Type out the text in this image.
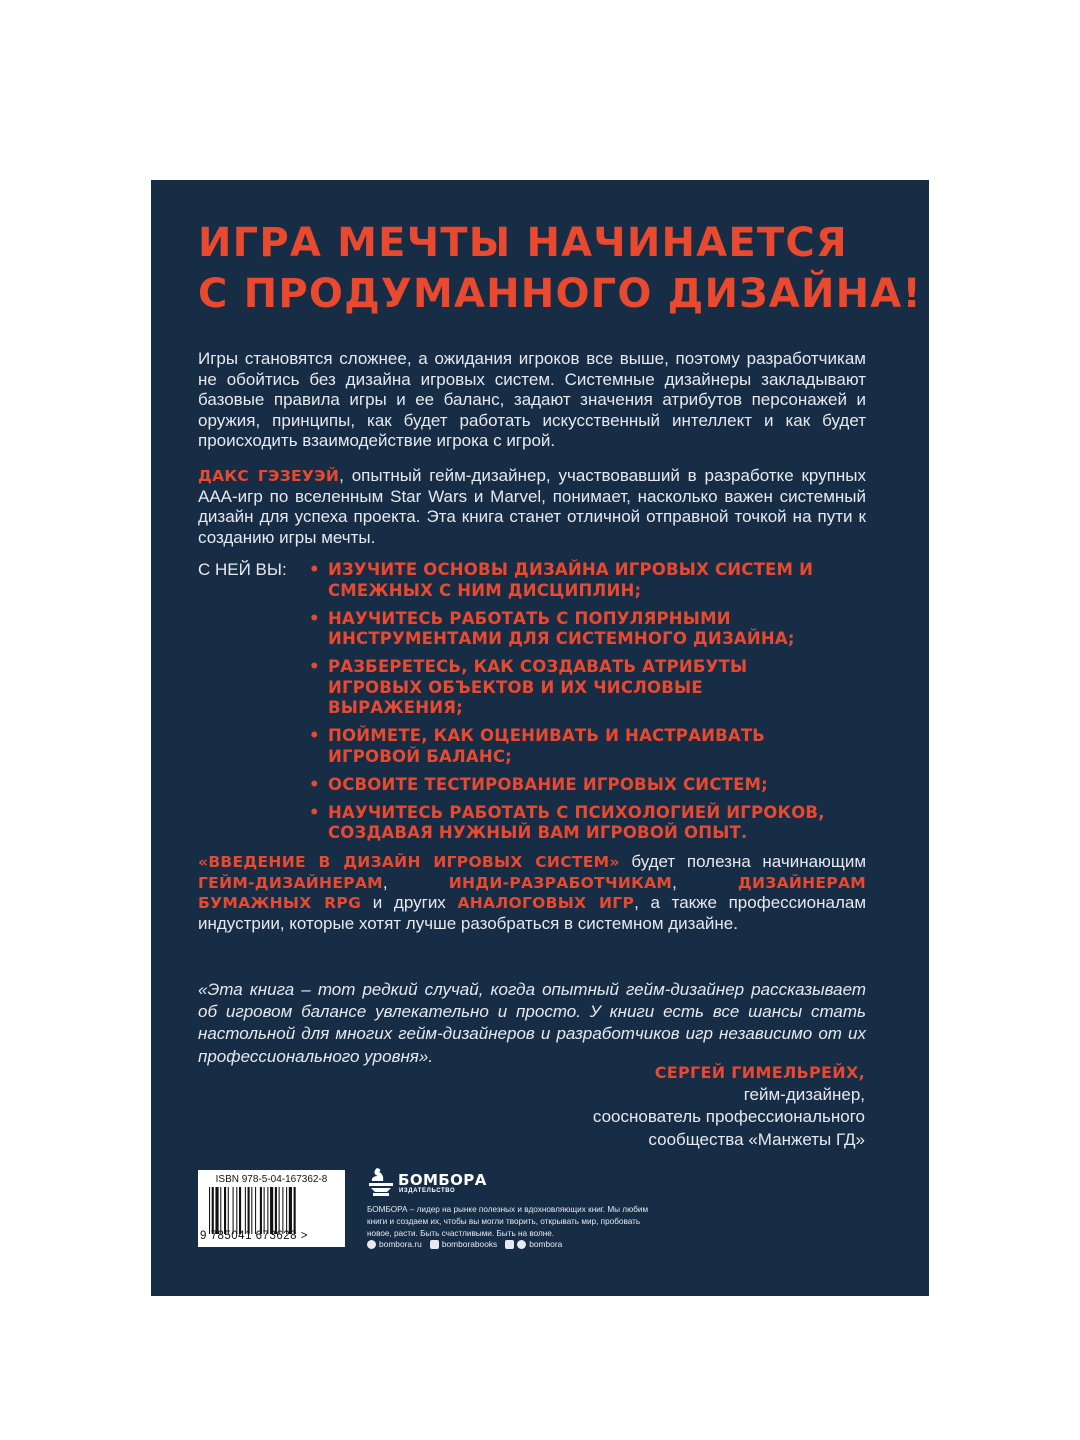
ИГРА МЕЧТЫ НАЧИНАЕТСЯ
С ПРОДУМАННОГО ДИЗАЙНА!

Игры становятся сложнее, а ожидания игроков все выше, поэтому разработчикам не обойтись без дизайна игровых систем. Системные дизайнеры закладывают базовые правила игры и ее баланс, задают значения атрибутов персонажей и оружия, принципы, как будет работать искусственный интеллект и как будет происходить взаимодействие игрока с игрой.

ДАКС ГЭЗЕУЭЙ, опытный гейм-дизайнер, участвовавший в разработке крупных AAA-игр по вселенным Star Wars и Marvel, понимает, насколько важен системный дизайн для успеха проекта. Эта книга станет отличной отправной точкой на пути к созданию игры мечты.

С НЕЙ ВЫ: • ИЗУЧИТЕ ОСНОВЫ ДИЗАЙНА ИГРОВЫХ СИСТЕМ И СМЕЖНЫХ С НИМ ДИСЦИПЛИН;
• НАУЧИТЕСЬ РАБОТАТЬ С ПОПУЛЯРНЫМИ ИНСТРУМЕНТАМИ ДЛЯ СИСТЕМНОГО ДИЗАЙНА;
• РАЗБЕРЕТЕСЬ, КАК СОЗДАВАТЬ АТРИБУТЫ ИГРОВЫХ ОБЪЕКТОВ И ИХ ЧИСЛОВЫЕ ВЫРАЖЕНИЯ;
• ПОЙМЕТЕ, КАК ОЦЕНИВАТЬ И НАСТРАИВАТЬ ИГРОВОЙ БАЛАНС;
• ОСВОИТЕ ТЕСТИРОВАНИЕ ИГРОВЫХ СИСТЕМ;
• НАУЧИТЕСЬ РАБОТАТЬ С ПСИХОЛОГИЕЙ ИГРОКОВ, СОЗДАВАЯ НУЖНЫЙ ВАМ ИГРОВОЙ ОПЫТ.

«ВВЕДЕНИЕ В ДИЗАЙН ИГРОВЫХ СИСТЕМ» будет полезна начинающим ГЕЙМ-ДИЗАЙНЕРАМ, ИНДИ-РАЗРАБОТЧИКАМ, ДИЗАЙНЕРАМ БУМАЖНЫХ RPG и других АНАЛОГОВЫХ ИГР, а также профессионалам индустрии, которые хотят лучше разобраться в системном дизайне.

«Эта книга – тот редкий случай, когда опытный гейм-дизайнер рассказывает об игровом балансе увлекательно и просто. У книги есть все шансы стать настольной для многих гейм-дизайнеров и разработчиков игр независимо от их профессионального уровня».

СЕРГЕЙ ГИМЕЛЬРЕЙХ,
гейм-дизайнер,
сооснователь профессионального
сообщества «Манжеты ГД»
ISBN 978-5-04-167362-8
9 785041 673628 >
БОМБОРА
ИЗДАТЕЛЬСТВО
БОМБОРА – лидер на рынке полезных и вдохновляющих книг. Мы любим книги и создаем их, чтобы вы могли творить, открывать мир, пробовать новое, расти. Быть счастливыми. Быть на волне.
bombora.ru bomborabooks	bombora
